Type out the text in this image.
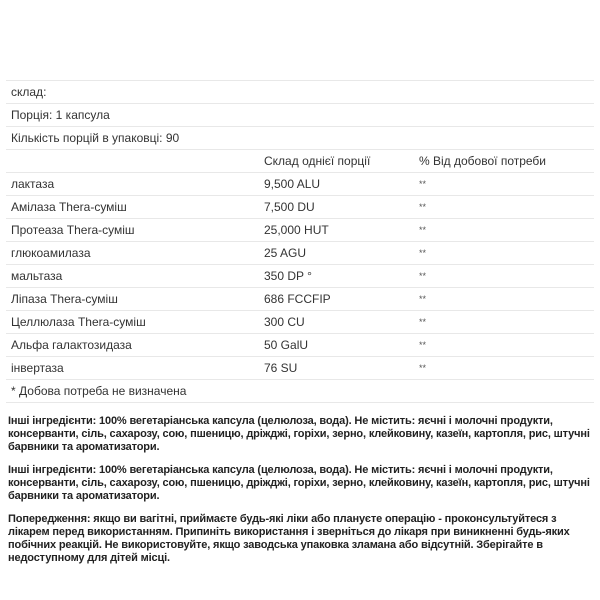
склад:		
Порція: 1 капсула		
Кількість порцій в упаковці: 90		
	Склад однієї порції	% Від добової потреби
лактаза	9,500 ALU	**
Амілаза Thera-суміш	7,500 DU	**
Протеаза Thera-суміш	25,000 HUT	**
глюкоамилаза	25 AGU	**
мальтаза	350 DP °	**
Ліпаза Thera-суміш	686 FCCFIP	**
Целлюлаза Thera-суміш	300 CU	**
Альфа галактозидаза	50 GalU	**
інвертаза	76 SU	**
* Добова потреба не визначена		

Інші інгредієнти: 100% вегетаріанська капсула (целюлоза, вода). Не містить: яєчні і молочні продукти, консерванти, сіль, сахарозу, сою, пшеницю, дріжджі, горіхи, зерно, клейковину, казеїн, картопля, рис, штучні барвники та ароматизатори.

Інші інгредієнти: 100% вегетаріанська капсула (целюлоза, вода). Не містить: яєчні і молочні продукти, консерванти, сіль, сахарозу, сою, пшеницю, дріжджі, горіхи, зерно, клейковину, казеїн, картопля, рис, штучні барвники та ароматизатори.

Попередження: якщо ви вагітні, приймаєте будь-які ліки або плануєте операцію - проконсультуйтеся з лікарем перед використанням. Припиніть використання і зверніться до лікаря при виникненні будь-яких побічних реакцій. Не використовуйте, якщо заводська упаковка зламана або відсутній. Зберігайте в недоступному для дітей місці.
